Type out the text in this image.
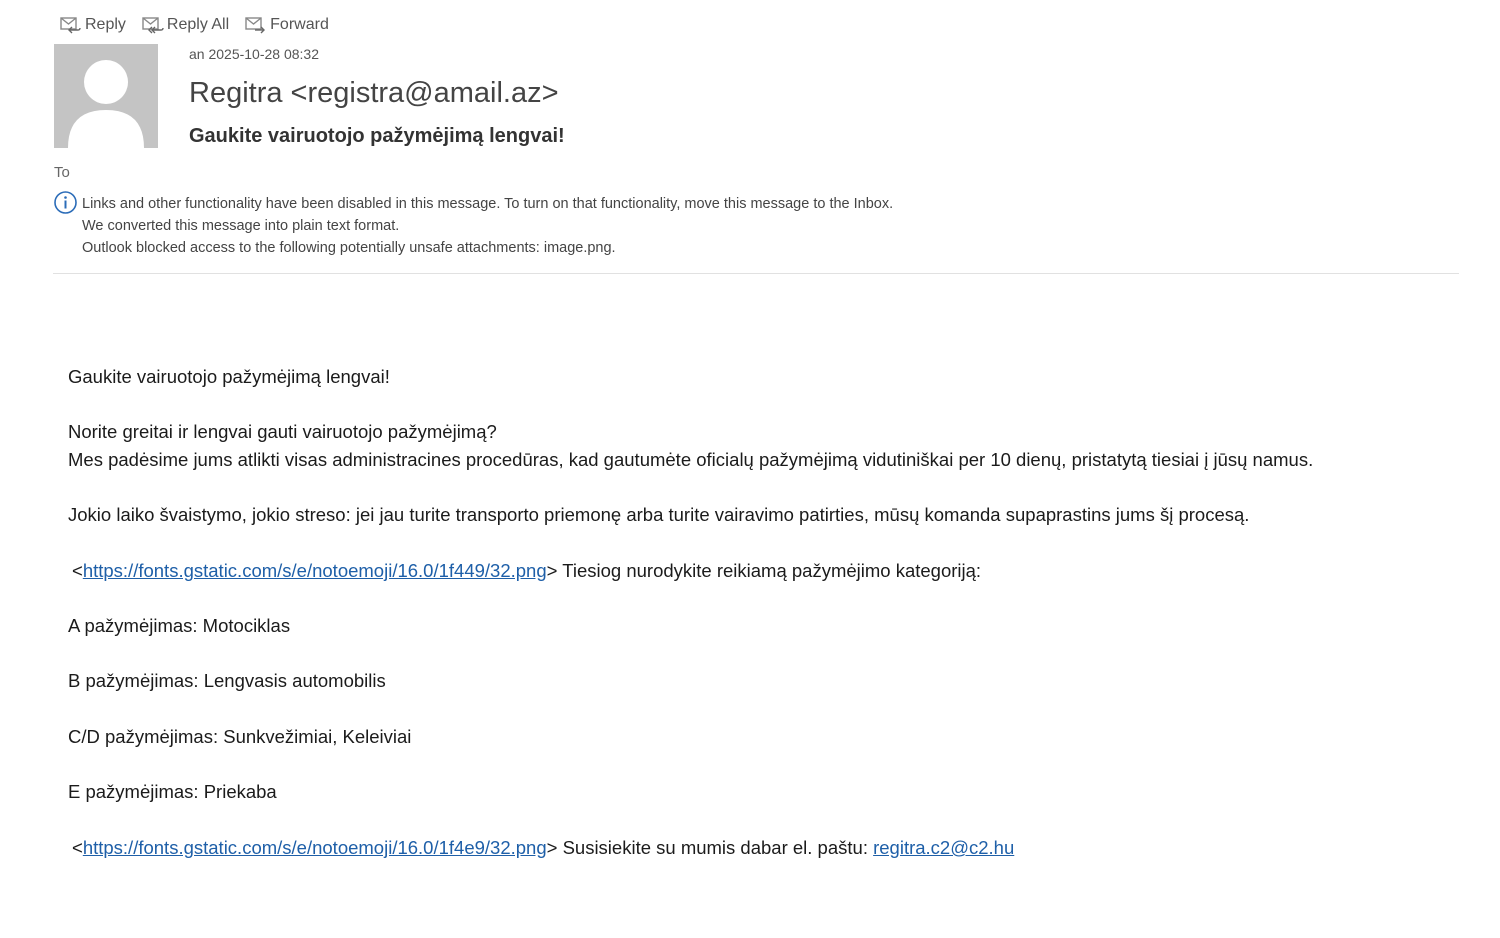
Reply	Reply All	Forward
an 2025-10-28 08:32
Regitra <registra@amail.az>
Gaukite vairuotojo pažymėjimą lengvai!
To
Links and other functionality have been disabled in this message. To turn on that functionality, move this message to the Inbox.
We converted this message into plain text format.
Outlook blocked access to the following potentially unsafe attachments: image.png.
Gaukite vairuotojo pažymėjimą lengvai!
Norite greitai ir lengvai gauti vairuotojo pažymėjimą?
Mes padėsime jums atlikti visas administracines procedūras, kad gautumėte oficialų pažymėjimą vidutiniškai per 10 dienų, pristatytą tiesiai į jūsų namus.
Jokio laiko švaistymo, jokio streso: jei jau turite transporto priemonę arba turite vairavimo patirties, mūsų komanda supaprastins jums šį procesą.
<https://fonts.gstatic.com/s/e/notoemoji/16.0/1f449/32.png> Tiesiog nurodykite reikiamą pažymėjimo kategoriją:
A pažymėjimas: Motociklas
B pažymėjimas: Lengvasis automobilis
C/D pažymėjimas: Sunkvežimiai, Keleiviai
E pažymėjimas: Priekaba
<https://fonts.gstatic.com/s/e/notoemoji/16.0/1f4e9/32.png> Susisiekite su mumis dabar el. paštu: regitra.c2@c2.hu
